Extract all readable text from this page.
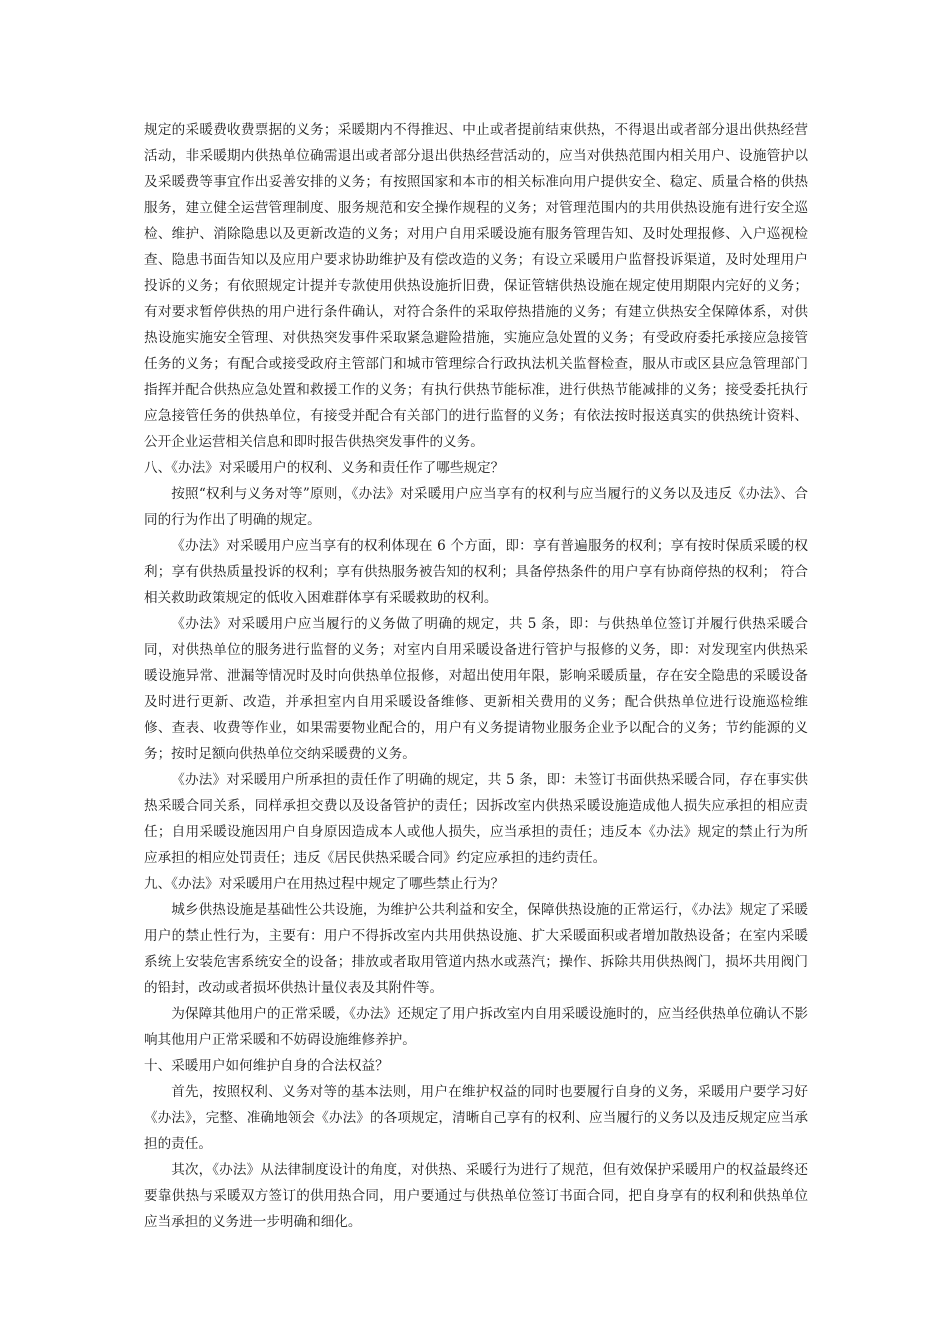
规定的采暖费收费票据的义务；采暖期内不得推迟、中止或者提前结束供热，不得退出或者部分退出供热经营活动，非采暖期内供热单位确需退出或者部分退出供热经营活动的，应当对供热范围内相关用户、设施管护以及采暖费等事宜作出妥善安排的义务；有按照国家和本市的相关标准向用户提供安全、稳定、质量合格的供热服务，建立健全运营管理制度、服务规范和安全操作规程的义务；对管理范围内的共用供热设施有进行安全巡检、维护、消除隐患以及更新改造的义务；对用户自用采暖设施有服务管理告知、及时处理报修、入户巡视检查、隐患书面告知以及应用户要求协助维护及有偿改造的义务；有设立采暖用户监督投诉渠道，及时处理用户投诉的义务；有依照规定计提并专款使用供热设施折旧费，保证管辖供热设施在规定使用期限内完好的义务；有对要求暂停供热的用户进行条件确认，对符合条件的采取停热措施的义务；有建立供热安全保障体系，对供热设施实施安全管理、对供热突发事件采取紧急避险措施，实施应急处置的义务；有受政府委托承接应急接管任务的义务；有配合或接受政府主管部门和城市管理综合行政执法机关监督检查，服从市或区县应急管理部门指挥并配合供热应急处置和救援工作的义务；有执行供热节能标准，进行供热节能减排的义务；接受委托执行应急接管任务的供热单位，有接受并配合有关部门的进行监督的义务；有依法按时报送真实的供热统计资料、公开企业运营相关信息和即时报告供热突发事件的义务。

八、《办法》对采暖用户的权利、义务和责任作了哪些规定？

按照“权利与义务对等”原则，《办法》对采暖用户应当享有的权利与应当履行的义务以及违反《办法》、合同的行为作出了明确的规定。

《办法》对采暖用户应当享有的权利体现在 6 个方面，即：享有普遍服务的权利；享有按时保质采暖的权利；享有供热质量投诉的权利；享有供热服务被告知的权利；具备停热条件的用户享有协商停热的权利； 符合相关救助政策规定的低收入困难群体享有采暖救助的权利。

《办法》对采暖用户应当履行的义务做了明确的规定，共 5 条，即：与供热单位签订并履行供热采暖合同，对供热单位的服务进行监督的义务；对室内自用采暖设备进行管护与报修的义务，即：对发现室内供热采暖设施异常、泄漏等情况时及时向供热单位报修，对超出使用年限，影响采暖质量，存在安全隐患的采暖设备及时进行更新、改造，并承担室内自用采暖设备维修、更新相关费用的义务；配合供热单位进行设施巡检维修、查表、收费等作业，如果需要物业配合的，用户有义务提请物业服务企业予以配合的义务；节约能源的义务；按时足额向供热单位交纳采暖费的义务。

《办法》对采暖用户所承担的责任作了明确的规定，共 5 条，即：未签订书面供热采暖合同，存在事实供热采暖合同关系，同样承担交费以及设备管护的责任；因拆改室内供热采暖设施造成他人损失应承担的相应责任；自用采暖设施因用户自身原因造成本人或他人损失，应当承担的责任；违反本《办法》规定的禁止行为所应承担的相应处罚责任；违反《居民供热采暖合同》约定应承担的违约责任。

九、《办法》对采暖用户在用热过程中规定了哪些禁止行为？

城乡供热设施是基础性公共设施，为维护公共利益和安全，保障供热设施的正常运行，《办法》规定了采暖用户的禁止性行为，主要有：用户不得拆改室内共用供热设施、扩大采暖面积或者增加散热设备；在室内采暖系统上安装危害系统安全的设备；排放或者取用管道内热水或蒸汽；操作、拆除共用供热阀门，损坏共用阀门的铅封，改动或者损坏供热计量仪表及其附件等。

为保障其他用户的正常采暖，《办法》还规定了用户拆改室内自用采暖设施时的，应当经供热单位确认不影响其他用户正常采暖和不妨碍设施维修养护。

十、采暖用户如何维护自身的合法权益？

首先，按照权利、义务对等的基本法则，用户在维护权益的同时也要履行自身的义务，采暖用户要学习好《办法》，完整、准确地领会《办法》的各项规定，清晰自己享有的权利、应当履行的义务以及违反规定应当承担的责任。

其次，《办法》从法律制度设计的角度，对供热、采暖行为进行了规范，但有效保护采暖用户的权益最终还要靠供热与采暖双方签订的供用热合同，用户要通过与供热单位签订书面合同，把自身享有的权利和供热单位应当承担的义务进一步明确和细化。
